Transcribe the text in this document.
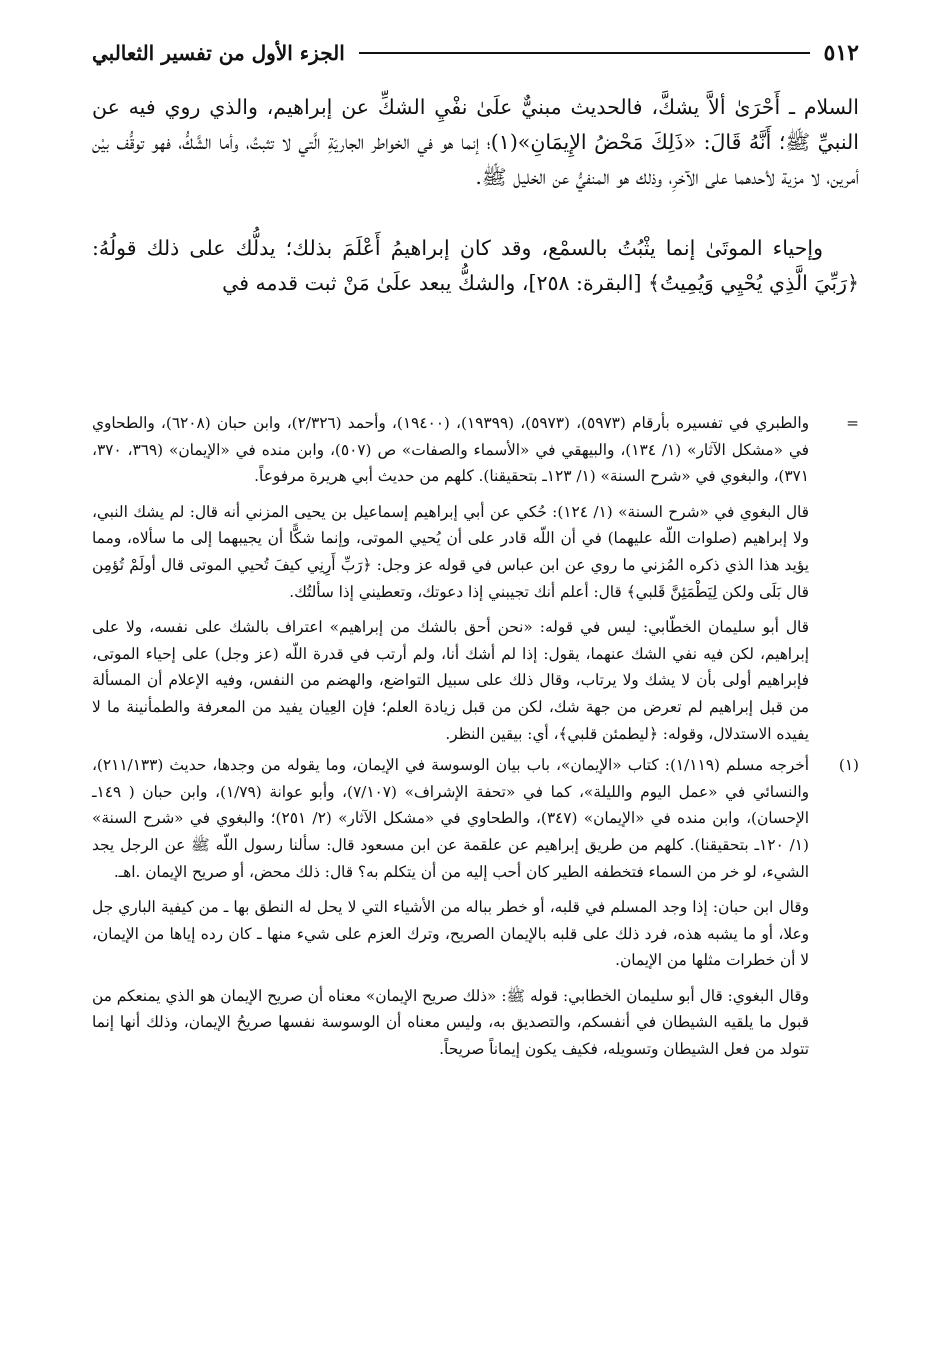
٥١٢
الجزء الأول من تفسير الثعالبي

السلام ـ أَحْرَىٰ ألاَّ يشكَّ، فالحديث مبنيٌّ علَىٰ نفْيِ الشكِّ عن إبراهيم، والذي روي فيه عن النبيِّ ﷺ؛ أَنَّهُ قَالَ: «ذَلِكَ مَحْضُ الإِيمَانِ»(١)؛ إنما هو في الخواطر الجاريَةِ الَّتي لا تثبتُ، وأما الشَّكُّ، فهو توقُّف بيْن أمرين، لا مزية لأحدهما على الآخرِ، وذلك هو المنفيُّ عن الخليل ﷺ.

وإحياء الموتَىٰ إنما يثْبُتُ بالسمْع، وقد كان إبراهيمُ أَعْلَمَ بذلك؛ يدلُّك على ذلك قولُهُ: ﴿رَبِّيَ الَّذِي يُحْيِي وَيُمِيتُ﴾ [البقرة: ٢٥٨]، والشكُّ يبعد علَىٰ مَنْ ثبت قدمه في

=

والطبري في تفسيره بأرقام (٥٩٧٣)، (٥٩٧٣)، (١٩٣٩٩)، (١٩٤٠٠)، وأحمد (٢/٣٢٦)، وابن حبان (٦٢٠٨)، والطحاوي في «مشكل الآثار» (١/ ١٣٤)، والبيهقي في «الأسماء والصفات» ص (٥٠٧)، وابن منده في «الإيمان» (٣٦٩، ٣٧٠، ٣٧١)، والبغوي في «شرح السنة» (١/ ١٢٣ـ بتحقيقنا). كلهم من حديث أبي هريرة مرفوعاً.

قال البغوي في «شرح السنة» (١/ ١٢٤): حُكي عن أبي إبراهيم إسماعيل بن يحيى المزني أنه قال: لم يشك النبي، ولا إبراهيم (صلوات اللّه عليهما) في أن اللّه قادر على أن يُحيي الموتى، وإنما شكًّا أن يجيبهما إلى ما سألاه، ومما يؤيد هذا الذي ذكره المُزني ما روي عن ابن عباس في قوله عز وجل: ﴿رَبِّ أَرِنِي كيفَ تُحيي الموتى قال أولَمْ تُؤمِن قال بَلَى ولكن لِيَطْمَئِنَّ قَلبي﴾ قال: أعلم أنك تجيبني إذا دعوتك، وتعطيني إذا سألتُك.

قال أبو سليمان الخطّابي: ليس في قوله: «نحن أحق بالشك من إبراهيم» اعتراف بالشك على نفسه، ولا على إبراهيم، لكن فيه نفي الشك عنهما، يقول: إذا لم أشك أنا، ولم أرتب في قدرة اللّه (عز وجل) على إحياء الموتى، فإبراهيم أولى بأن لا يشك ولا يرتاب، وقال ذلك على سبيل التواضع، والهضم من النفس، وفيه الإعلام أن المسألة من قبل إبراهيم لم تعرض من جهة شك، لكن من قبل زيادة العلم؛ فإن العِيان يفيد من المعرفة والطمأنينة ما لا يفيده الاستدلال، وقوله: ﴿ليطمئن قلبي﴾، أي: بيقين النظر.

(١)

أخرجه مسلم (١/١١٩): كتاب «الإيمان»، باب بيان الوسوسة في الإيمان، وما يقوله من وجدها، حديث (٢١١/١٣٣)، والنسائي في «عمل اليوم والليلة»، كما في «تحفة الإشراف» (٧/١٠٧)، وأبو عوانة (١/٧٩)، وابن حبان ( ١٤٩ـ الإحسان)، وابن منده في «الإيمان» (٣٤٧)، والطحاوي في «مشكل الآثار» (٢/ ٢٥١)؛ والبغوي في «شرح السنة» (١/ ١٢٠ـ بتحقيقنا). كلهم من طريق إبراهيم عن علقمة عن ابن مسعود قال: سألنا رسول اللّه ﷺ عن الرجل يجد الشيء، لو خر من السماء فتخطفه الطير كان أحب إليه من أن يتكلم به؟ قال: ذلك محض، أو صريح الإيمان .اهـ.

وقال ابن حبان: إذا وجد المسلم في قلبه، أو خطر بباله من الأشياء التي لا يحل له النطق بها ـ من كيفية الباري جل وعلا، أو ما يشبه هذه، فرد ذلك على قلبه بالإيمان الصريح، وترك العزم على شيء منها ـ كان رده إياها من الإيمان، لا أن خطرات مثلها من الإيمان.

وقال البغوي: قال أبو سليمان الخطابي: قوله ﷺ: «ذلك صريح الإيمان» معناه أن صريح الإيمان هو الذي يمنعكم من قبول ما يلقيه الشيطان في أنفسكم، والتصديق به، وليس معناه أن الوسوسة نفسها صريحُ الإيمان، وذلك أنها إنما تتولد من فعل الشيطان وتسويله، فكيف يكون إيماناً صريحاً.
